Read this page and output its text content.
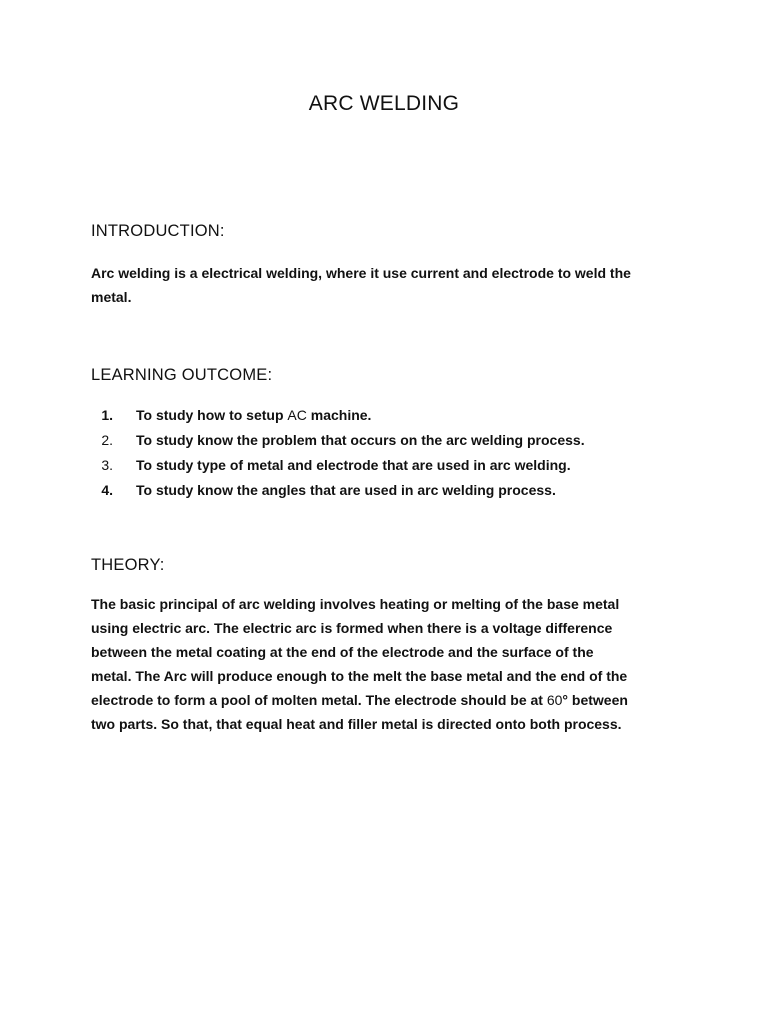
ARC WELDING
INTRODUCTION:

Arc welding is a electrical welding, where it use current and electrode to weld the
metal.

LEARNING OUTCOME:
1. To study how to setup AC machine.
2. To study know the problem that occurs on the arc welding process.
3. To study type of metal and electrode that are used in arc welding.
4. To study know the angles that are used in arc welding process.
THEORY:

The basic principal of arc welding involves heating or melting of the base metal
using electric arc. The electric arc is formed when there is a voltage difference
between the metal coating at the end of the electrode and the surface of the
metal. The Arc will produce enough to the melt the base metal and the end of the
electrode to form a pool of molten metal. The electrode should be at 60° between
two parts. So that, that equal heat and filler metal is directed onto both process.
